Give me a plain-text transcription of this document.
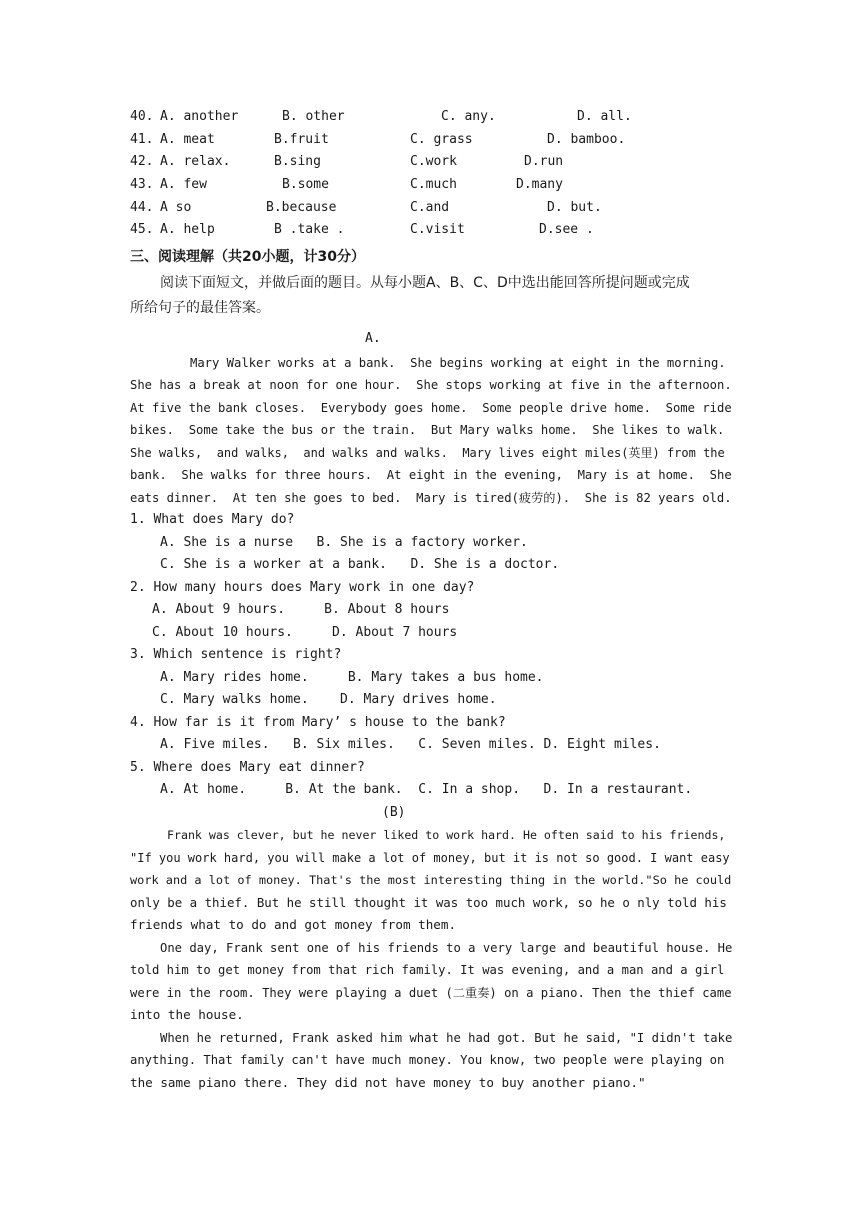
40. A. another	B. other	C. any.	D. all.
41. A. meat	B.fruit	C. grass	D. bamboo.
42. A. relax.	B.sing	C.work	D.run
43. A. few	B.some	C.much	D.many
44. A so	B.because	C.and	D. but.
45. A. help	B .take .	C.visit	D.see .
三、阅读理解（共20小题，计30分）
阅读下面短文，并做后面的题目。从每小题A、B、C、D中选出能回答所提问题或完成
所给句子的最佳答案。
A.
Mary Walker works at a bank.  She begins working at eight in the morning.
She has a break at noon for one hour.  She stops working at five in the afternoon.
At five the bank closes.  Everybody goes home.  Some people drive home.  Some ride
bikes.  Some take the bus or the train.  But Mary walks home.  She likes to walk.
She walks,  and walks,  and walks and walks.  Mary lives eight miles(英里) from the
bank.  She walks for three hours.  At eight in the evening,  Mary is at home.  She
eats dinner.  At ten she goes to bed.  Mary is tired(疲劳的).  She is 82 years old.
1. What does Mary do?
A. She is a nurse   B. She is a factory worker.
C. She is a worker at a bank.   D. She is a doctor.
2. How many hours does Mary work in one day?
A. About 9 hours.     B. About 8 hours
C. About 10 hours.     D. About 7 hours
3. Which sentence is right?
A. Mary rides home.     B. Mary takes a bus home.
C. Mary walks home.    D. Mary drives home.
4. How far is it from Mary’ s house to the bank?
A. Five miles.   B. Six miles.   C. Seven miles. D. Eight miles.
5. Where does Mary eat dinner?
A. At home.     B. At the bank.  C. In a shop.   D. In a restaurant.
(B)
Frank was clever, but he never liked to work hard. He often said to his friends,
"If you work hard, you will make a lot of money, but it is not so good. I want easy
work and a lot of money. That's the most interesting thing in the world."So he could
only be a thief. But he still thought it was too much work, so he o nly told his
friends what to do and got money from them.
One day, Frank sent one of his friends to a very large and beautiful house. He
told him to get money from that rich family. It was evening, and a man and a girl
were in the room. They were playing a duet (二重奏) on a piano. Then the thief came
into the house.
When he returned, Frank asked him what he had got. But he said, "I didn't take
anything. That family can't have much money. You know, two people were playing on
the same piano there. They did not have money to buy another piano."
